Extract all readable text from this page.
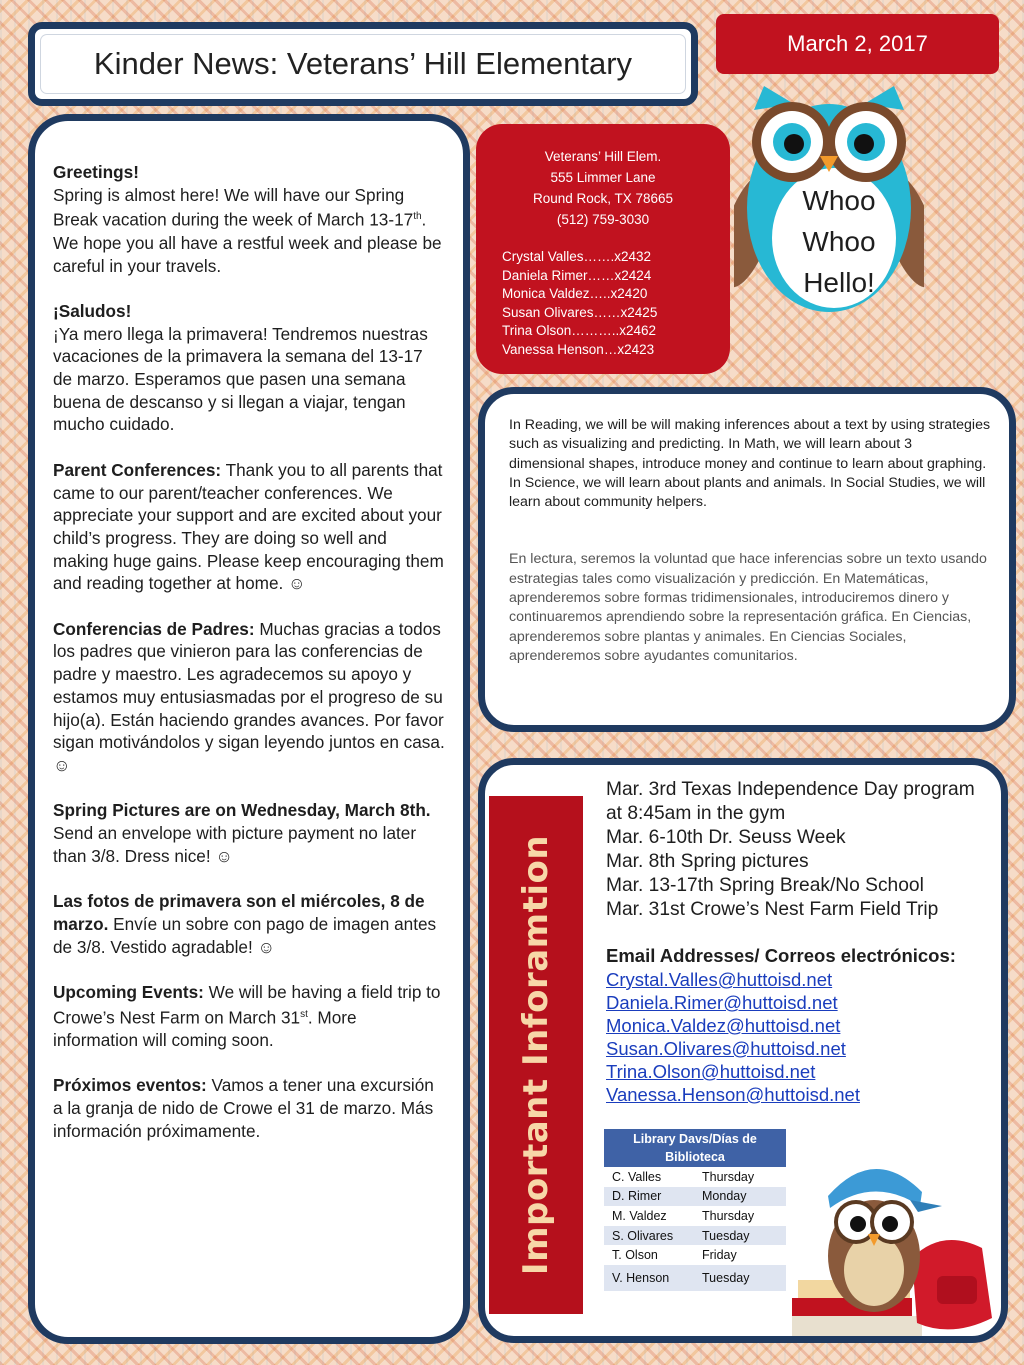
Kinder News: Veterans’ Hill Elementary
March 2, 2017

Greetings!
Spring is almost here! We will have our Spring Break vacation during the week of March 13-17th. We hope you all have a restful week and please be careful in your travels.

¡Saludos!
¡Ya mero llega la primavera! Tendremos nuestras vacaciones de la primavera la semana del 13-17 de marzo. Esperamos que pasen una semana buena de descanso y si llegan a viajar, tengan mucho cuidado.

Parent Conferences: Thank you to all parents that came to our parent/teacher conferences. We appreciate your support and are excited about your child’s progress. They are doing so well and making huge gains. Please keep encouraging them and reading together at home. ☺

Conferencias de Padres: Muchas gracias a todos los padres que vinieron para las conferencias de padre y maestro. Les agradecemos su apoyo y estamos muy entusiasmadas por el progreso de su hijo(a). Están haciendo grandes avances. Por favor sigan motivándolos y sigan leyendo juntos en casa. ☺

Spring Pictures are on Wednesday, March 8th. Send an envelope with picture payment no later than 3/8. Dress nice! ☺

Las fotos de primavera son el miércoles, 8 de marzo. Envíe un sobre con pago de imagen antes de 3/8. Vestido agradable! ☺

Upcoming Events: We will be having a field trip to Crowe’s Nest Farm on March 31st. More information will coming soon.

Próximos eventos: Vamos a tener una excursión a la granja de nido de Crowe el 31 de marzo. Más información próximamente.

Veterans’ Hill Elem.
555 Limmer Lane
Round Rock, TX 78665
(512) 759-3030
Crystal Valles…….x2432
Daniela Rimer……x2424
Monica Valdez…..x2420
Susan Olivares……x2425
Trina Olson………..x2462
Vanessa Henson…x2423
Whoo
Whoo
Hello!
In Reading, we will be will making inferences about a text by using strategies such as visualizing and predicting. In Math, we will learn about 3 dimensional shapes, introduce money and continue to learn about graphing. In Science, we will learn about plants and animals. In Social Studies, we will learn about community helpers.
En lectura, seremos la voluntad que hace inferencias sobre un texto usando estrategias tales como visualización y predicción. En Matemáticas, aprenderemos sobre formas tridimensionales, introduciremos dinero y continuaremos aprendiendo sobre la representación gráfica. En Ciencias, aprenderemos sobre plantas y animales. En Ciencias Sociales, aprenderemos sobre ayudantes comunitarios.
Important Inforamtion
Mar. 3rd Texas Independence Day program at 8:45am in the gym
Mar. 6-10th Dr. Seuss Week
Mar. 8th Spring pictures
Mar. 13-17th Spring Break/No School
Mar. 31st Crowe’s Nest Farm Field Trip
Email Addresses/ Correos electrónicos:
Crystal.Valles@huttoisd.net
Daniela.Rimer@huttoisd.net
Monica.Valdez@huttoisd.net
Susan.Olivares@huttoisd.net
Trina.Olson@huttoisd.net
Vanessa.Henson@huttoisd.net
Library Davs/Días de Biblioteca	
C. Valles	Thursday
D. Rimer	Monday
M. Valdez	Thursday
S. Olivares	Tuesday
T. Olson	Friday
V. Henson	Tuesday
